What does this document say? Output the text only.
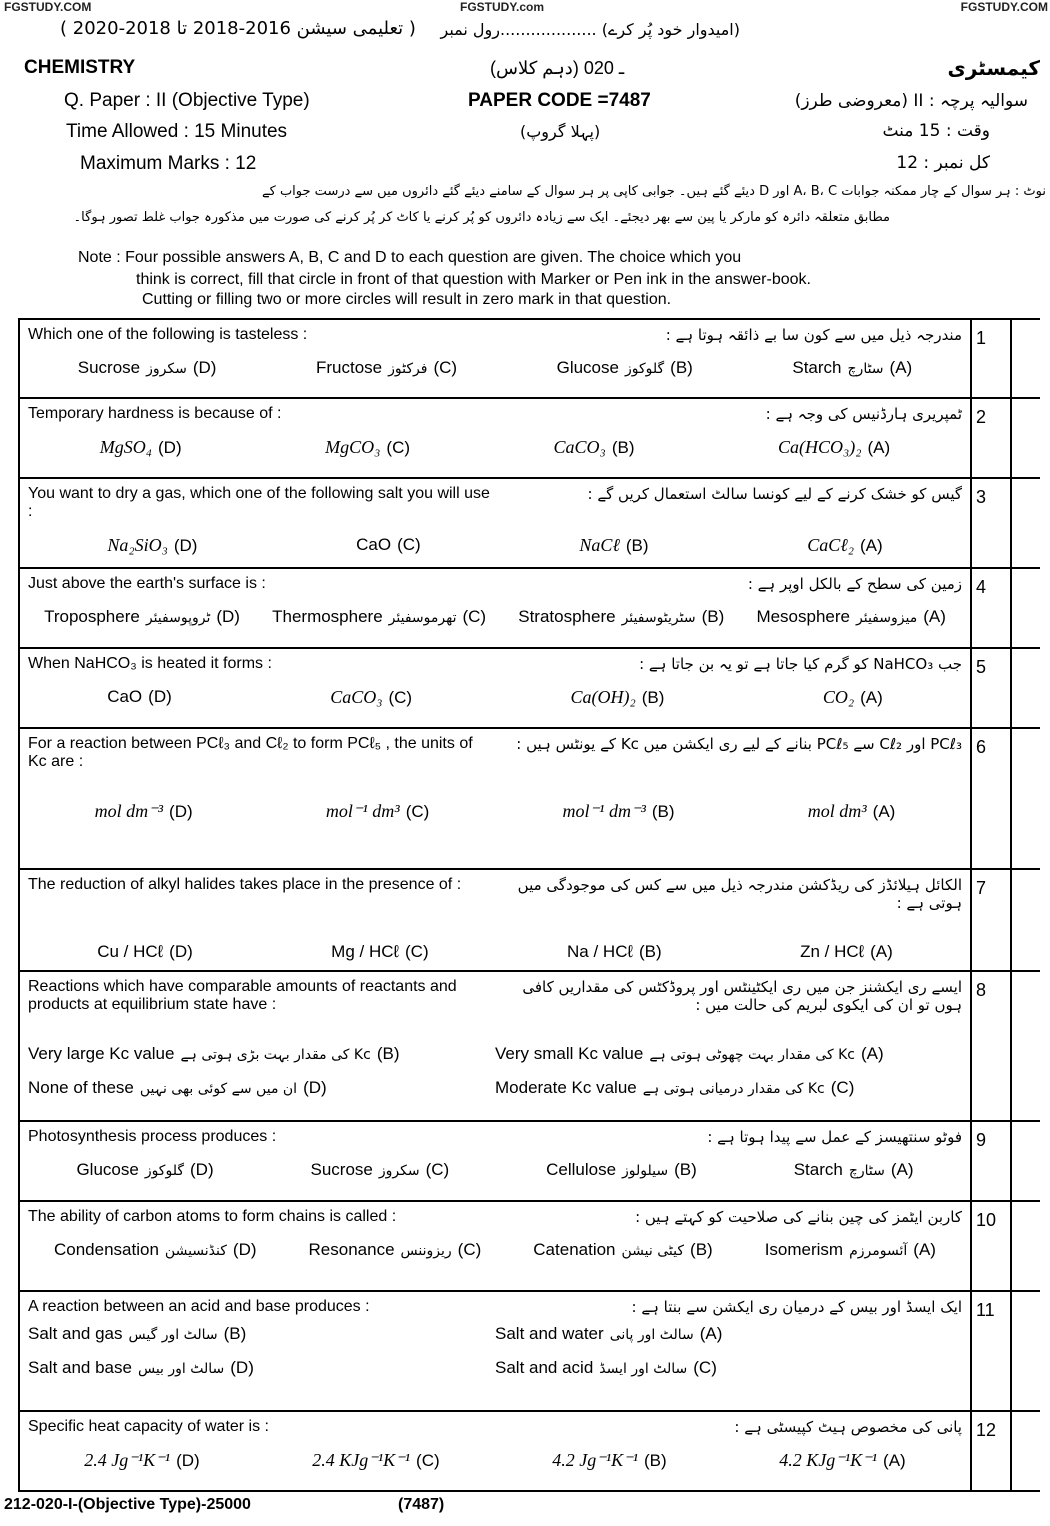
FGSTUDY.COM	FGSTUDY.com	FGSTUDY.COM
( تعلیمی سیشن 2016-2018 تا 2018-2020 ) (امیدوار خود پُر کرے) ...................رول نمبر
CHEMISTRY	(دہم کلاس) ـ 020	کیمسٹری
Q. Paper : II (Objective Type)	PAPER CODE =7487	سوالیہ پرچہ : II (معروضی طرز)
Time Allowed : 15 Minutes	(پہلا گروپ)	وقت : 15 منٹ
Maximum Marks : 12	کل نمبر : 12
نوٹ : ہر سوال کے چار ممکنہ جوابات A، B، C اور D دیئے گئے ہیں۔ جوابی کاپی پر ہر سوال کے سامنے دیئے گئے دائروں میں سے درست جواب کے
مطابق متعلقہ دائرہ کو مارکر یا پین سے بھر دیجئے۔ ایک سے زیادہ دائروں کو پُر کرنے یا کاٹ کر پُر کرنے کی صورت میں مذکورہ جواب غلط تصور ہوگا۔
Note : Four possible answers A, B, C and D to each question are given. The choice which you
think is correct, fill that circle in front of that question with Marker or Pen ink in the answer-book.
Cutting or filling two or more circles will result in zero mark in that question.
Which one of the following is tasteless :	مندرجہ ذیل میں سے کون سا بے ذائقہ ہوتا ہے :
Sucrose سکروز (D)	Fructose فرکٹوز (C)	Glucose گلوکوز (B)	Starch سٹارچ (A)
1
Temporary hardness is because of :	ٹمپریری ہارڈنیس کی وجہ ہے :
MgSO₄ (D)	MgCO₃ (C)	CaCO₃ (B)	Ca(HCO₃)₂ (A)
2
You want to dry a gas, which one of the following salt you will use :
گیس کو خشک کرنے کے لیے کونسا سالٹ استعمال کریں گے :
Na₂SiO₃ (D)	CaO (C)	NaCℓ (B)	CaCℓ₂ (A)
3
Just above the earth's surface is :	زمین کی سطح کے بالکل اوپر ہے :
Troposphere ٹروپوسفیئر (D) Thermosphere تھرموسفیئر (C) Stratosphere سٹریٹوسفیئر (B) Mesosphere میزوسفیئر (A)
4
When NaHCO₃ is heated it forms :	جب NaHCO₃ کو گرم کیا جاتا ہے تو یہ بن جاتا ہے :
CaO (D)	CaCO₃ (C)	Ca(OH)₂ (B)	CO₂ (A)
5
For a reaction between PCℓ₃ and Cℓ₂ to form PCℓ₅ , the units of Kc are :
PCℓ₃ اور Cℓ₂ سے PCℓ₅ بنانے کے لیے ری ایکشن میں Kc کے یونٹس ہیں :
mol dm⁻³ (D)	mol⁻¹ dm³ (C)	mol⁻¹ dm⁻³ (B)	mol dm³ (A)
6
The reduction of alkyl halides takes place in the presence of :	الکائل ہیلائڈز کی ریڈکشن مندرجہ ذیل میں سے کس کی موجودگی میں ہوتی ہے :
Cu / HCℓ (D)	Mg / HCℓ (C)	Na / HCℓ (B)	Zn / HCℓ (A)
7
Reactions which have comparable amounts of reactants and products at equilibrium state have :
ایسے ری ایکشنز جن میں ری ایکٹینٹس اور پروڈکٹس کی مقداریں کافی ہوں تو ان کی ایکوی لبریم کی حالت میں :
Very large Kc value Kc کی مقدار بہت بڑی ہوتی ہے (B)	Very small Kc value Kc کی مقدار بہت چھوٹی ہوتی ہے (A)
None of these ان میں سے کوئی بھی نہیں (D)	Moderate Kc value Kc کی مقدار درمیانی ہوتی ہے (C)
8
Photosynthesis process produces :	فوٹو سنتھیسز کے عمل سے پیدا ہوتا ہے :
Glucose گلوکوز (D)	Sucrose سکروز (C)	Cellulose سیلولوز (B)	Starch سٹارچ (A)
9
The ability of carbon atoms to form chains is called :	کاربن ایٹمز کی چین بنانے کی صلاحیت کو کہتے ہیں :
Condensation کنڈنسیشن (D)	Resonance ریزوننس (C)	Catenation کیٹی نیشن (B)	Isomerism آئسومرزم (A)
10
A reaction between an acid and base produces :	ایک ایسڈ اور بیس کے درمیان ری ایکشن سے بنتا ہے :
Salt and gas سالٹ اور گیس (B)	Salt and water سالٹ اور پانی (A)
Salt and base سالٹ اور بیس (D)	Salt and acid سالٹ اور ایسڈ (C)
11
Specific heat capacity of water is :	پانی کی مخصوص ہیٹ کپیسٹی ہے :
2.4 Jg⁻¹K⁻¹ (D)	2.4 KJg⁻¹K⁻¹ (C)	4.2 Jg⁻¹K⁻¹ (B)	4.2 KJg⁻¹K⁻¹ (A)
12
212-020-I-(Objective Type)-25000	(7487)
